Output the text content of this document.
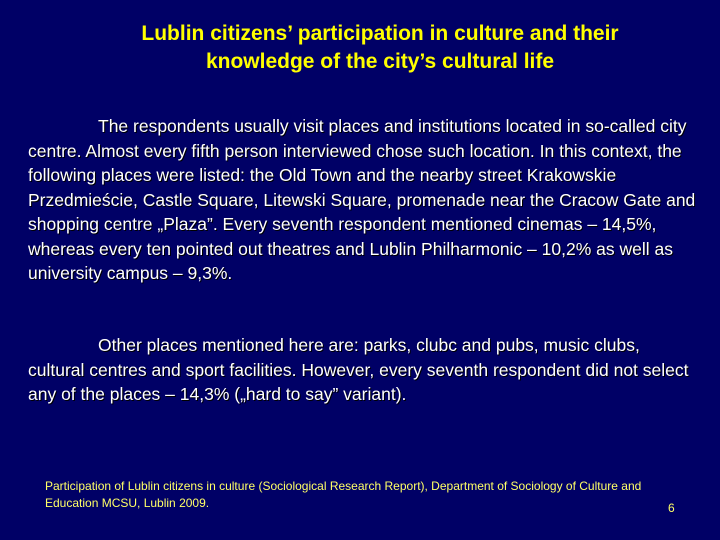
Lublin citizens’ participation in culture and their
knowledge of the city’s cultural life

The respondents usually visit places and institutions located in so-called city centre. Almost every fifth person interviewed chose such location. In this context, the following places were listed: the Old Town and the nearby street Krakowskie Przedmieście, Castle Square, Litewski Square, promenade near the Cracow Gate and shopping centre „Plaza”. Every seventh respondent mentioned cinemas – 14,5%, whereas every ten pointed out theatres and Lublin Philharmonic – 10,2% as well as university campus – 9,3%.

Other places mentioned here are: parks, clubc and pubs, music clubs, cultural centres and sport facilities. However, every seventh respondent did not select any of the places – 14,3% („hard to say” variant).

Participation of Lublin citizens in culture (Sociological Research Report), Department of Sociology of Culture and Education MCSU, Lublin 2009.	6
